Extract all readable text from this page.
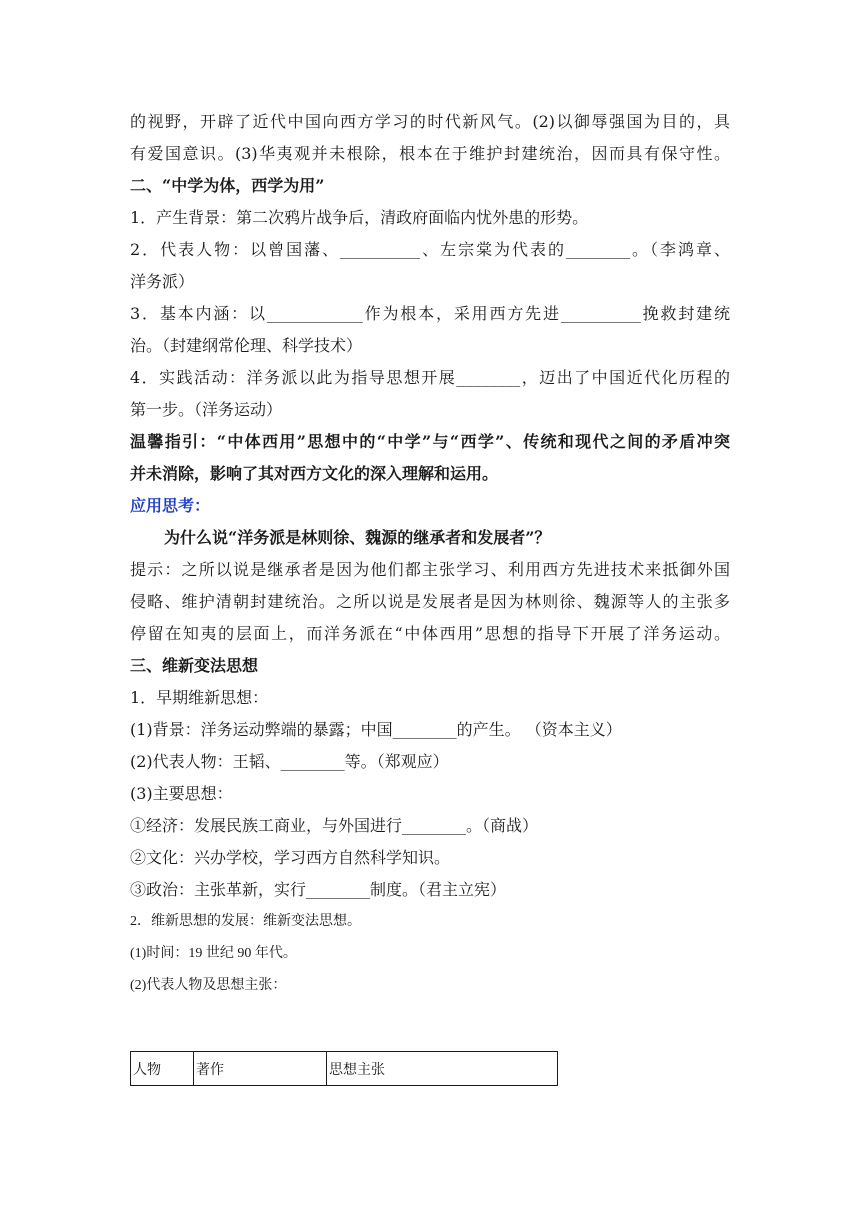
的视野，开辟了近代中国向西方学习的时代新风气。(2)以御辱强国为目的，具
有爱国意识。(3)华夷观并未根除，根本在于维护封建统治，因而具有保守性。
二、“中学为体，西学为用”
1．产生背景：第二次鸦片战争后，清政府面临内忧外患的形势。
2．代表人物：以曾国藩、__________、左宗棠为代表的________。（李鸿章、
洋务派）
3．基本内涵：以____________作为根本，采用西方先进__________挽救封建统
治。（封建纲常伦理、科学技术）
4．实践活动：洋务派以此为指导思想开展________，迈出了中国近代化历程的
第一步。（洋务运动）
温馨指引：“中体西用”思想中的“中学”与“西学”、传统和现代之间的矛盾冲突
并未消除，影响了其对西方文化的深入理解和运用。
应用思考：
为什么说“洋务派是林则徐、魏源的继承者和发展者”？
提示：之所以说是继承者是因为他们都主张学习、利用西方先进技术来抵御外国
侵略、维护清朝封建统治。之所以说是发展者是因为林则徐、魏源等人的主张多
停留在知夷的层面上，而洋务派在“中体西用”思想的指导下开展了洋务运动。
三、维新变法思想
1．早期维新思想：
(1)背景：洋务运动弊端的暴露；中国________的产生。 （资本主义）
(2)代表人物：王韬、________等。（郑观应）
(3)主要思想：
①经济：发展民族工商业，与外国进行________。（商战）
②文化：兴办学校，学习西方自然科学知识。
③政治：主张革新，实行________制度。（君主立宪）
2．维新思想的发展：维新变法思想。
(1)时间：19 世纪 90 年代。
(2)代表人物及思想主张：
人物	著作	思想主张
